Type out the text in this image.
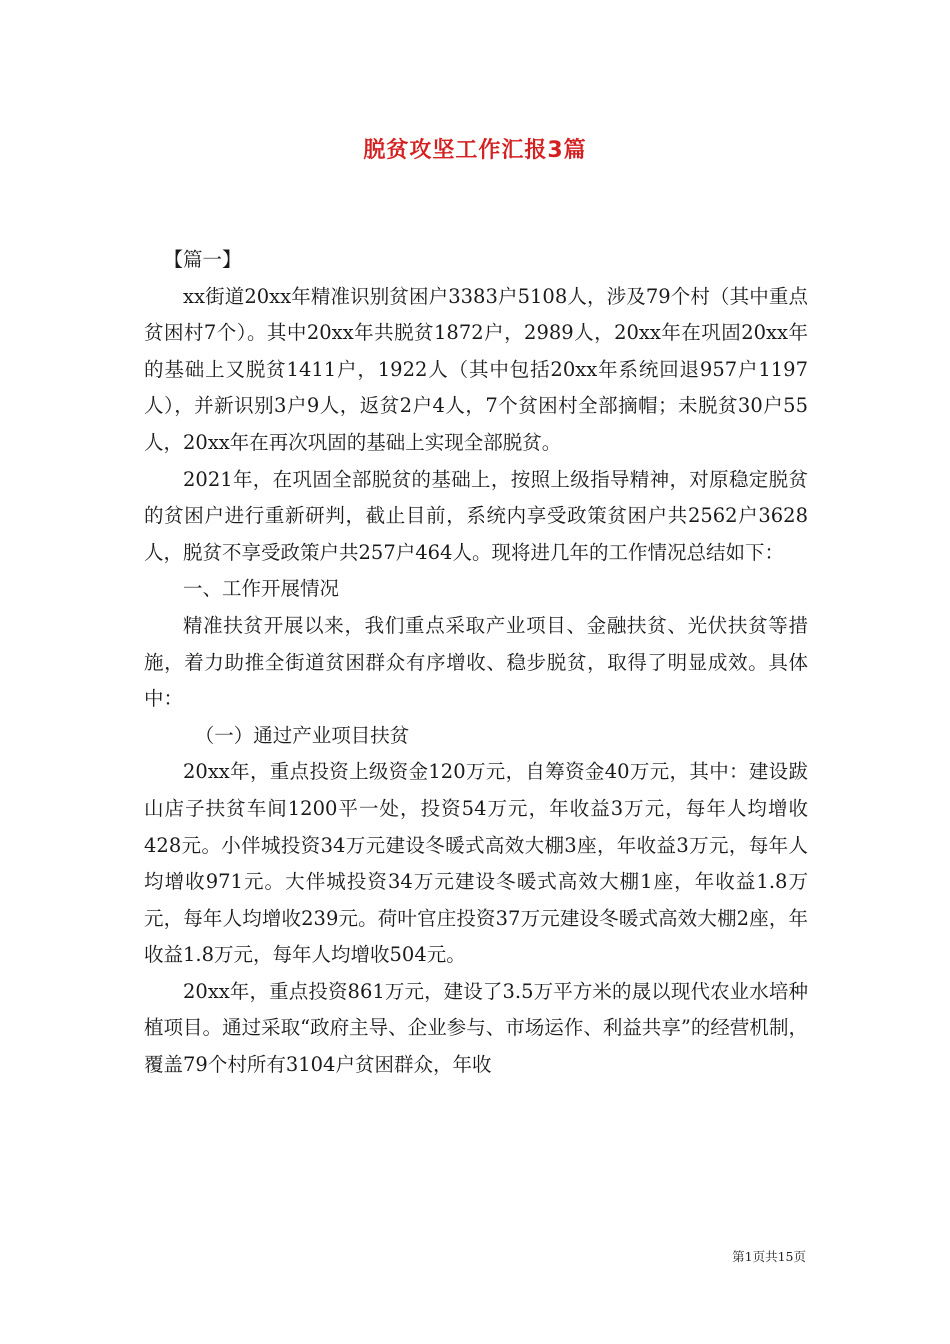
脱贫攻坚工作汇报3篇

【篇一】

xx街道20xx年精准识别贫困户3383户5108人，涉及79个村（其中重点贫困村7个）。其中20xx年共脱贫1872户，2989人，20xx年在巩固20xx年的基础上又脱贫1411户，1922人（其中包括20xx年系统回退957户1197人），并新识别3户9人，返贫2户4人，7个贫困村全部摘帽；未脱贫30户55人，20xx年在再次巩固的基础上实现全部脱贫。

2021年，在巩固全部脱贫的基础上，按照上级指导精神，对原稳定脱贫的贫困户进行重新研判，截止目前，系统内享受政策贫困户共2562户3628人，脱贫不享受政策户共257户464人。现将进几年的工作情况总结如下：

一、工作开展情况

精准扶贫开展以来，我们重点采取产业项目、金融扶贫、光伏扶贫等措施，着力助推全街道贫困群众有序增收、稳步脱贫，取得了明显成效。具体中：

（一）通过产业项目扶贫

20xx年，重点投资上级资金120万元，自筹资金40万元，其中：建设跋山店子扶贫车间1200平一处，投资54万元，年收益3万元，每年人均增收428元。小伴城投资34万元建设冬暖式高效大棚3座，年收益3万元，每年人均增收971元。大伴城投资34万元建设冬暖式高效大棚1座，年收益1.8万元，每年人均增收239元。荷叶官庄投资37万元建设冬暖式高效大棚2座，年收益1.8万元，每年人均增收504元。

20xx年，重点投资861万元，建设了3.5万平方米的晟以现代农业水培种植项目。通过采取“政府主导、企业参与、市场运作、利益共享”的经营机制，覆盖79个村所有3104户贫困群众，年收

第1页共15页
